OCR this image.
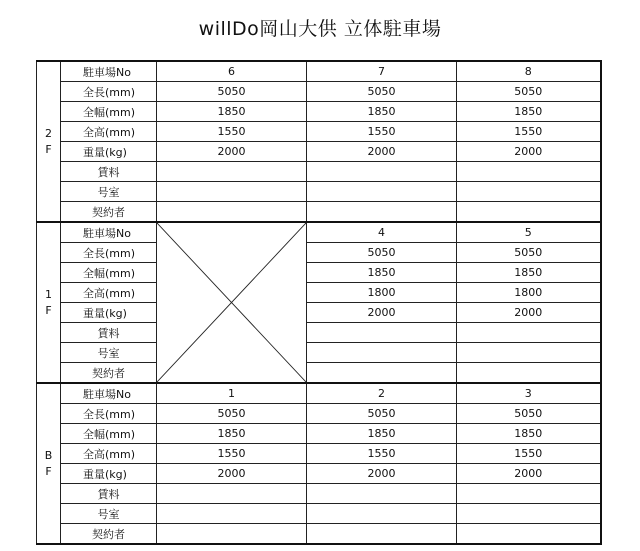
willDo岡山大供 立体駐車場
2
F	駐車場No	6	7	8
	全長(mm)	5050	5050	5050
	全幅(mm)	1850	1850	1850
	全高(mm)	1550	1550	1550
	重量(kg)	2000	2000	2000
	賃料			
	号室			
	契約者			

1
F	駐車場No		4	5
	全長(mm)		5050	5050
	全幅(mm)		1850	1850
	全高(mm)		1800	1800
	重量(kg)		2000	2000
	賃料			
	号室			
	契約者			

B
F	駐車場No	1	2	3
	全長(mm)	5050	5050	5050
	全幅(mm)	1850	1850	1850
	全高(mm)	1550	1550	1550
	重量(kg)	2000	2000	2000
	賃料			
	号室			
	契約者			
